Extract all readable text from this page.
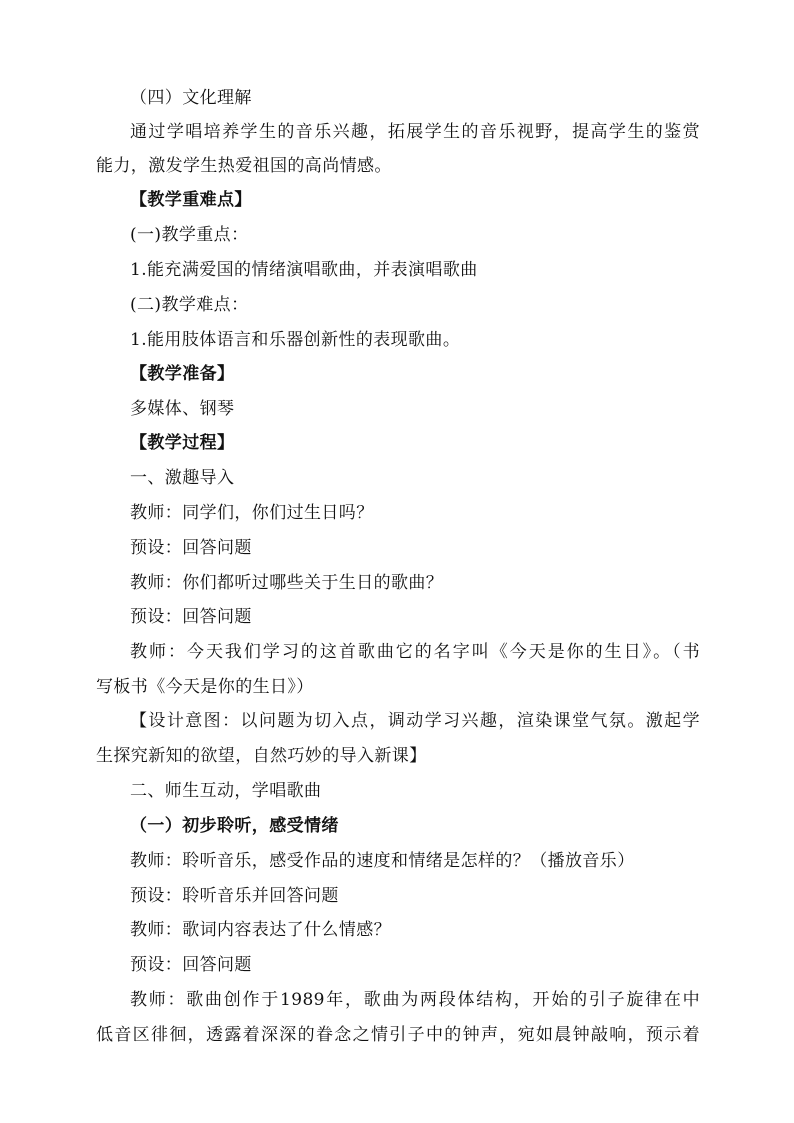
（四）文化理解
通过学唱培养学生的音乐兴趣，拓展学生的音乐视野，提高学生的鉴赏
能力，激发学生热爱祖国的高尚情感。
【教学重难点】
(一)教学重点：
1.能充满爱国的情绪演唱歌曲，并表演唱歌曲
(二)教学难点：
1.能用肢体语言和乐器创新性的表现歌曲。
【教学准备】
多媒体、钢琴
【教学过程】
一、激趣导入
教师：同学们，你们过生日吗？
预设：回答问题
教师：你们都听过哪些关于生日的歌曲？
预设：回答问题
教师：今天我们学习的这首歌曲它的名字叫《今天是你的生日》。（书
写板书《今天是你的生日》）
【设计意图：以问题为切入点，调动学习兴趣，渲染课堂气氛。激起学
生探究新知的欲望，自然巧妙的导入新课】
二、师生互动，学唱歌曲
（一）初步聆听，感受情绪
教师：聆听音乐，感受作品的速度和情绪是怎样的？（播放音乐）
预设：聆听音乐并回答问题
教师：歌词内容表达了什么情感？
预设：回答问题
教师：歌曲创作于1989年，歌曲为两段体结构，开始的引子旋律在中
低音区徘徊，透露着深深的眷念之情引子中的钟声，宛如晨钟敲响，预示着
